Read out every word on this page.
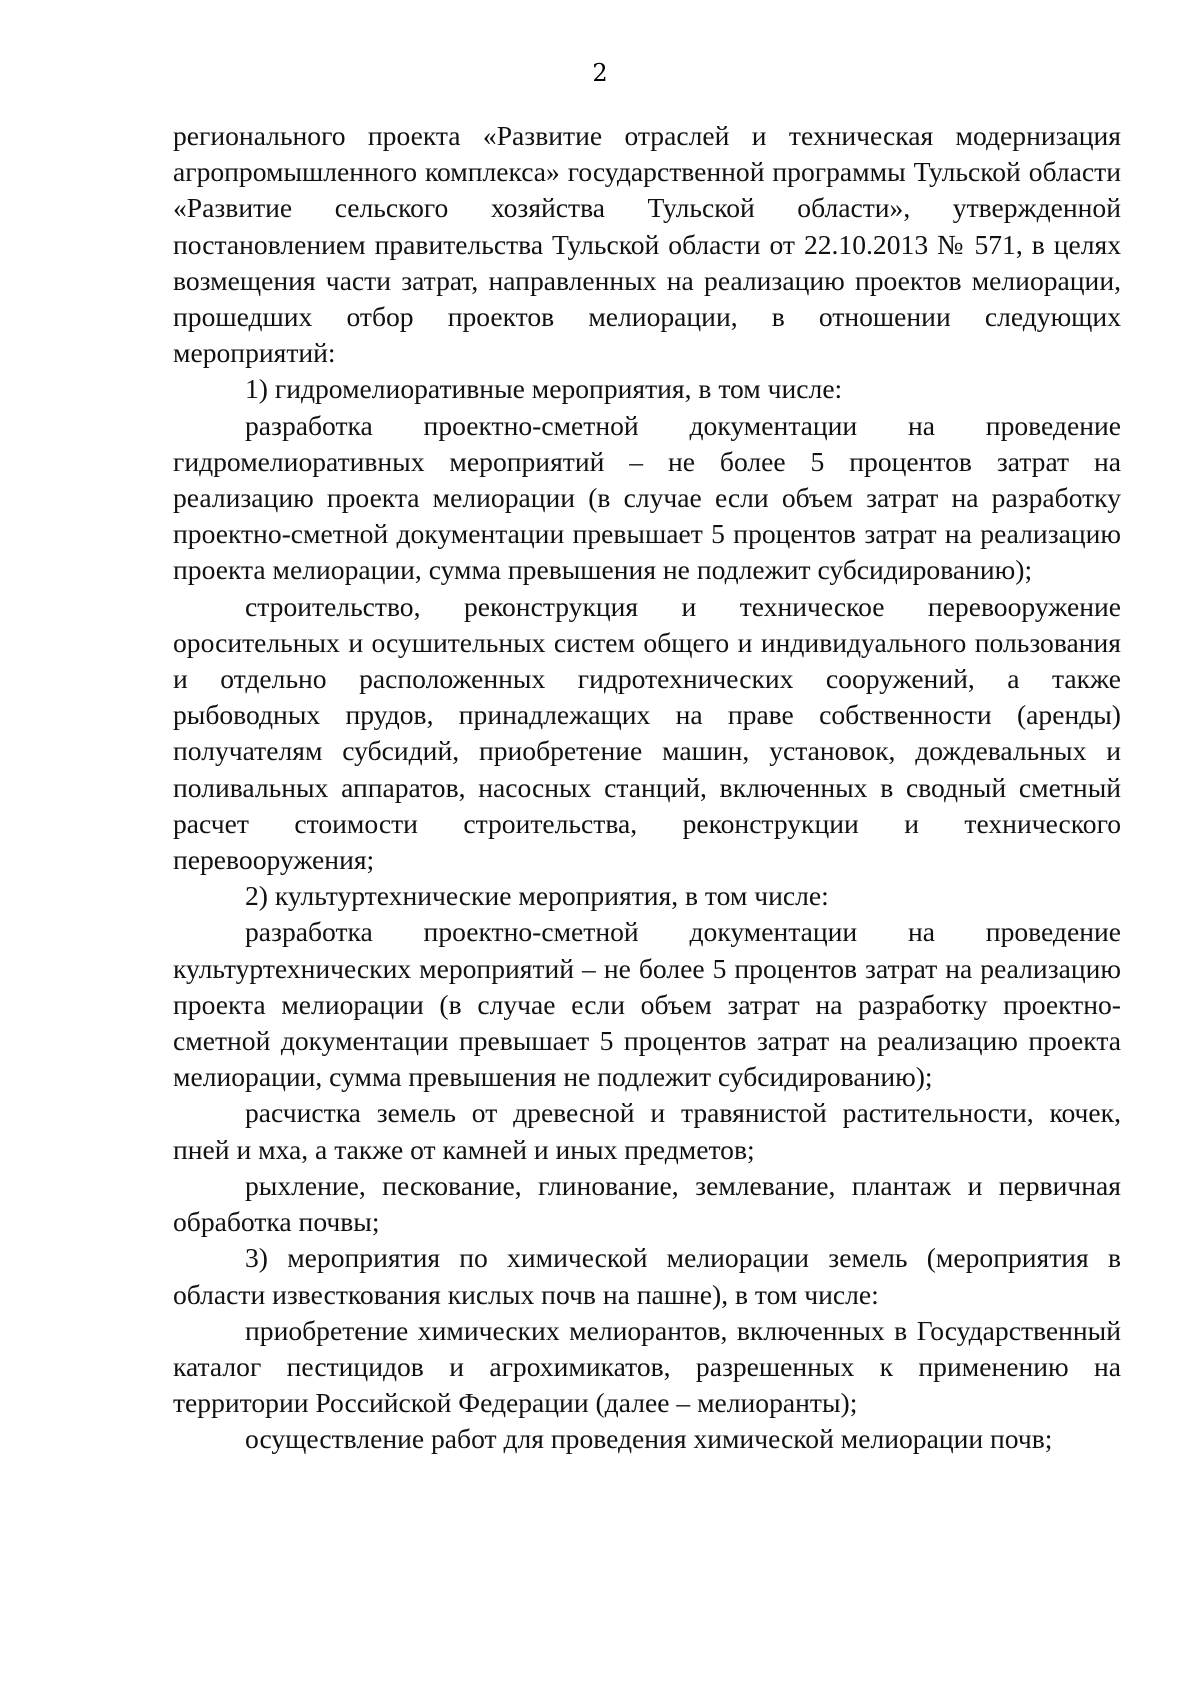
2

регионального проекта «Развитие отраслей и техническая модернизация агропромышленного комплекса» государственной программы Тульской области «Развитие сельского хозяйства Тульской области», утвержденной постановлением правительства Тульской области от 22.10.2013 № 571, в целях возмещения части затрат, направленных на реализацию проектов мелиорации, прошедших отбор проектов мелиорации, в отношении следующих мероприятий:

1) гидромелиоративные мероприятия, в том числе:

разработка проектно-сметной документации на проведение гидромелиоративных мероприятий – не более 5 процентов затрат на реализацию проекта мелиорации (в случае если объем затрат на разработку проектно-сметной документации превышает 5 процентов затрат на реализацию проекта мелиорации, сумма превышения не подлежит субсидированию);

строительство, реконструкция и техническое перевооружение оросительных и осушительных систем общего и индивидуального пользования и отдельно расположенных гидротехнических сооружений, а также рыбоводных прудов, принадлежащих на праве собственности (аренды) получателям субсидий, приобретение машин, установок, дождевальных и поливальных аппаратов, насосных станций, включенных в сводный сметный расчет стоимости строительства, реконструкции и технического перевооружения;

2) культуртехнические мероприятия, в том числе:

разработка проектно-сметной документации на проведение культуртехнических мероприятий – не более 5 процентов затрат на реализацию проекта мелиорации (в случае если объем затрат на разработку проектно-сметной документации превышает 5 процентов затрат на реализацию проекта мелиорации, сумма превышения не подлежит субсидированию);

расчистка земель от древесной и травянистой растительности, кочек, пней и мха, а также от камней и иных предметов;

рыхление, пескование, глинование, землевание, плантаж и первичная обработка почвы;

3) мероприятия по химической мелиорации земель (мероприятия в области известкования кислых почв на пашне), в том числе:

приобретение химических мелиорантов, включенных в Государственный каталог пестицидов и агрохимикатов, разрешенных к применению на территории Российской Федерации (далее – мелиоранты);

осуществление работ для проведения химической мелиорации почв;
